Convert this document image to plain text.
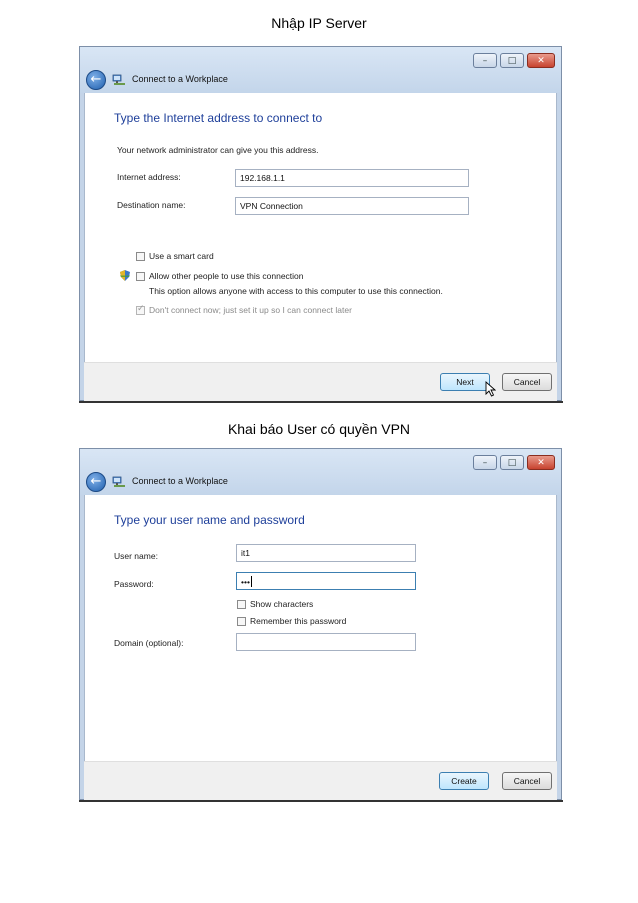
Nhập IP Server
–	□	✕
←	Connect to a Workplace
Type the Internet address to connect to
Your network administrator can give you this address.
Internet address:	192.168.1.1
Destination name:	VPN Connection
Use a smart card
Allow other people to use this connection
This option allows anyone with access to this computer to use this connection.
✓
Don't connect now; just set it up so I can connect later
Next	Cancel
Khai báo User có quyền VPN
–	□	✕
←	Connect to a Workplace
Type your user name and password
User name:	it1
Password:	•••
Show characters
Remember this password
Domain (optional):
Create	Cancel
